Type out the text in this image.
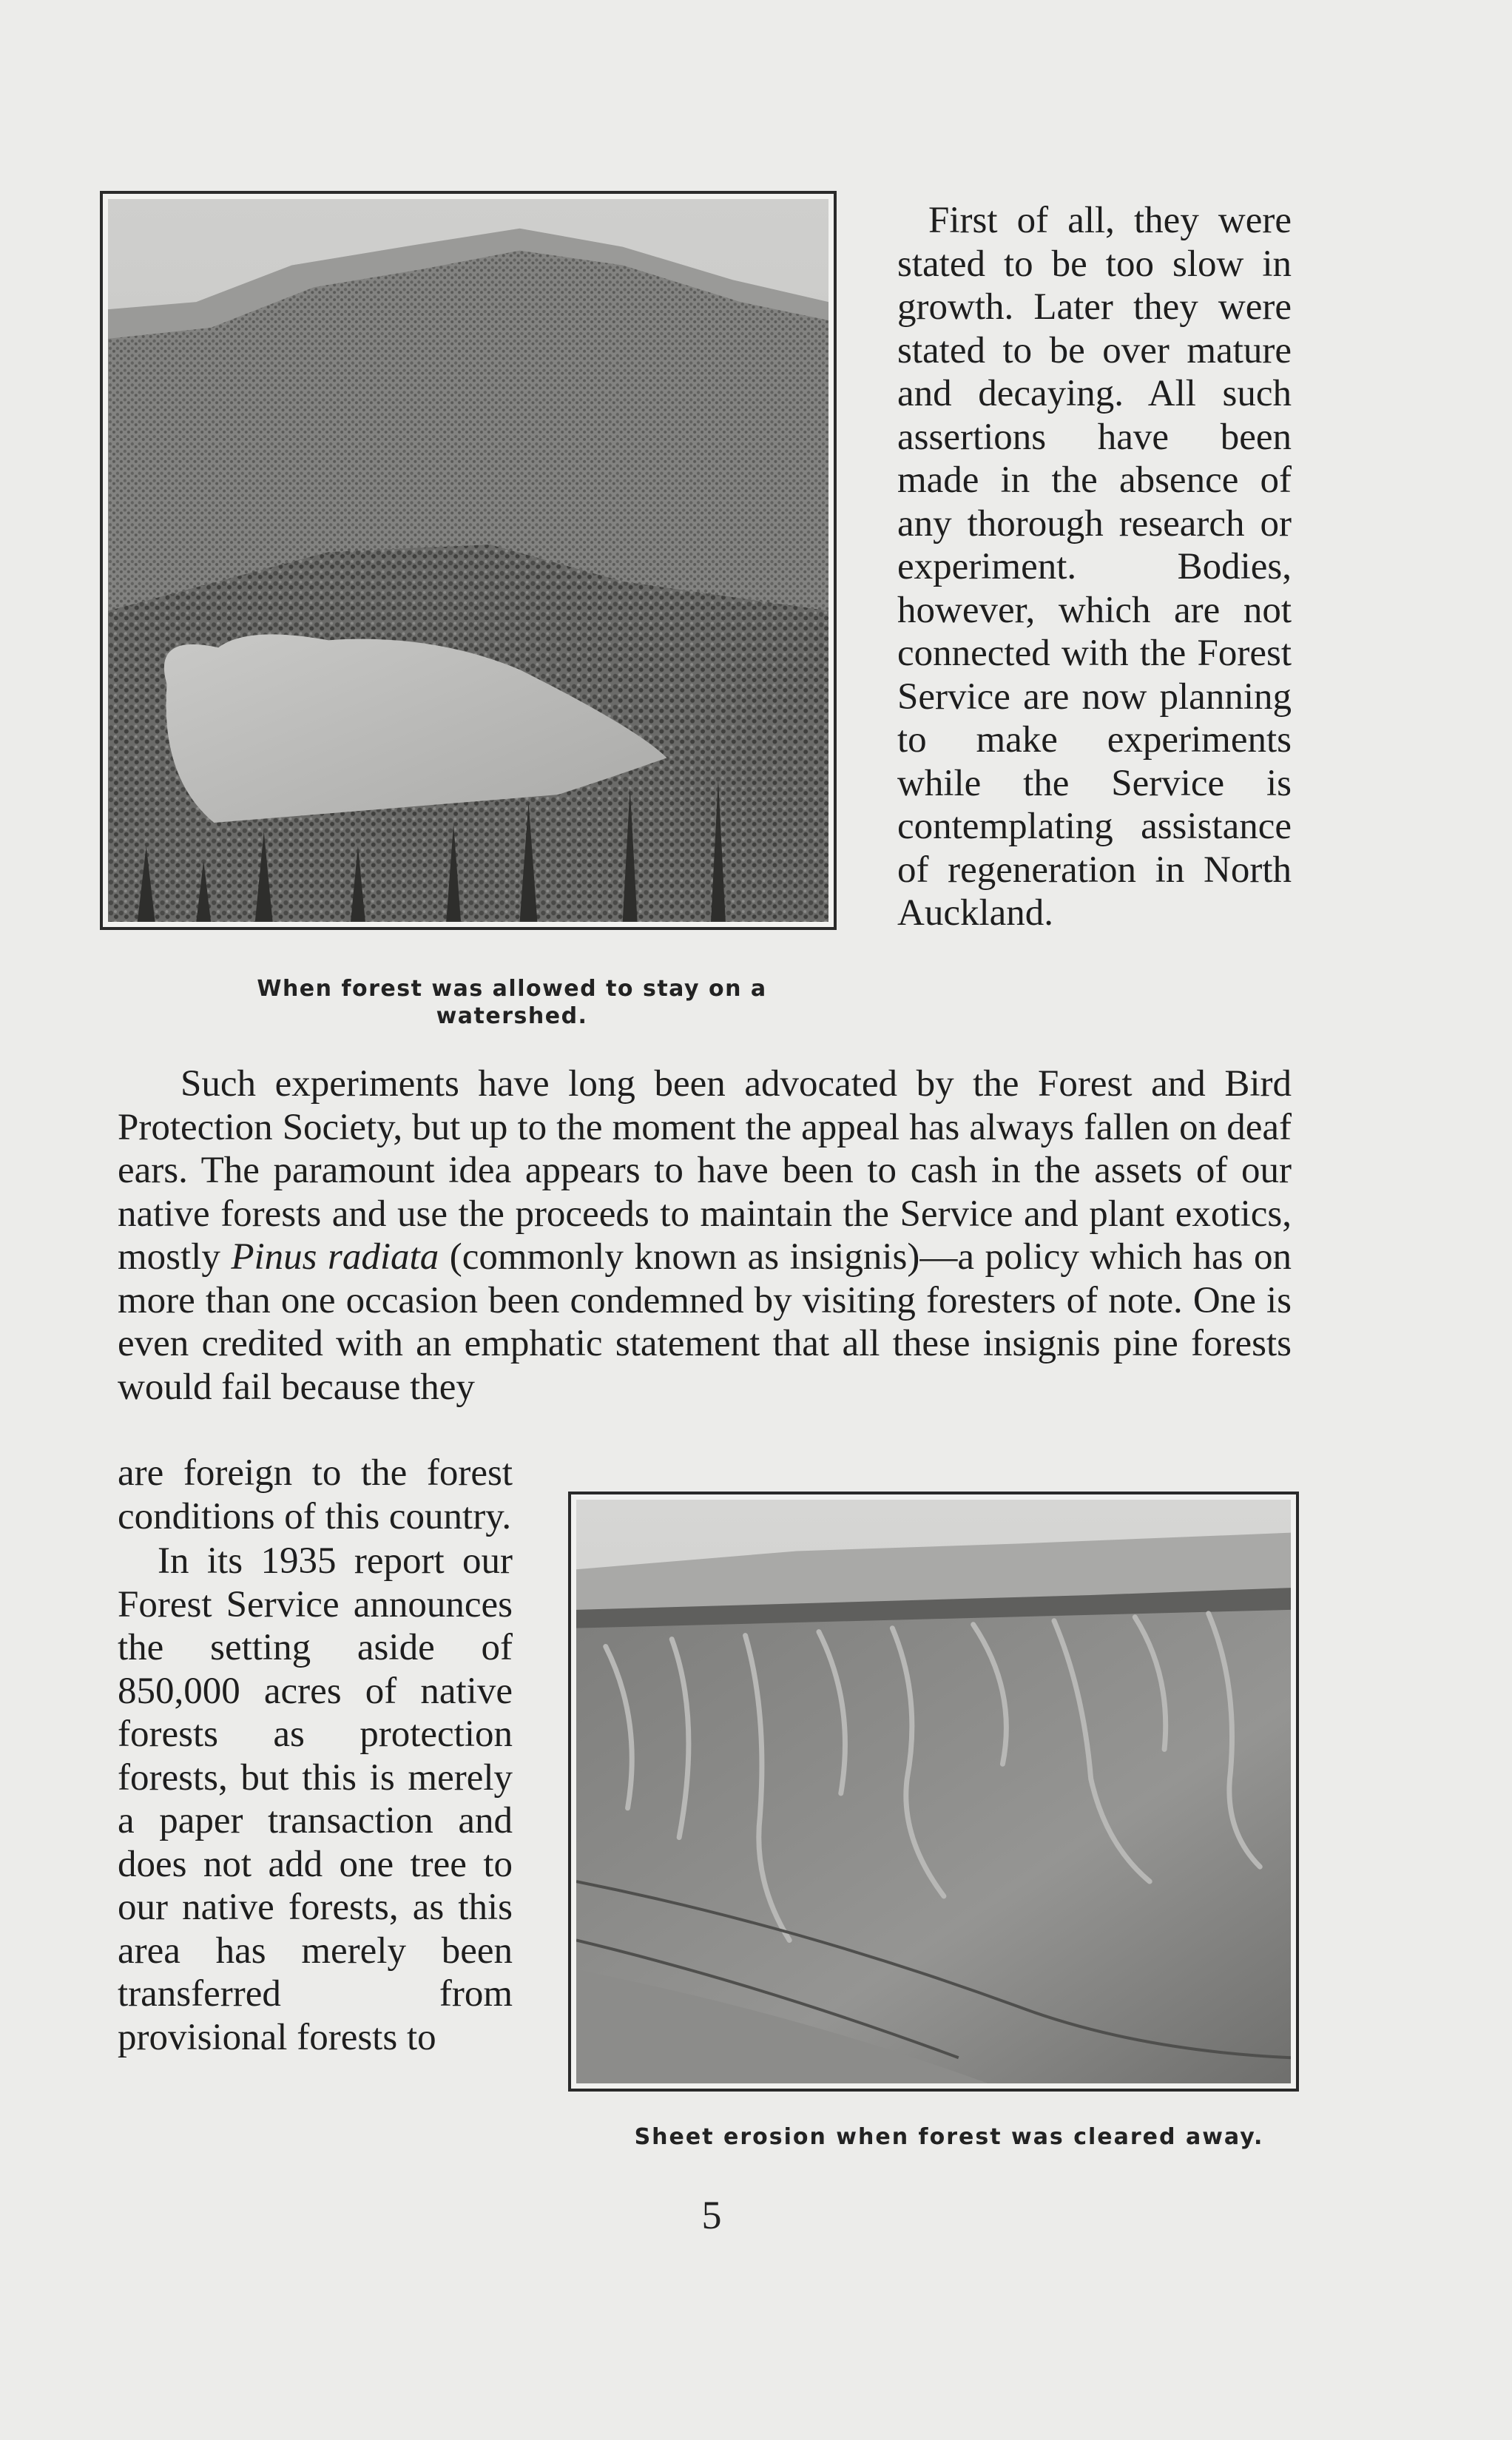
When forest was allowed to stay on a watershed.

First of all, they were stated to be too slow in growth. Later they were stated to be over mature and decaying. All such assertions have been made in the absence of any thorough research or experiment. Bodies, however, which are not connected with the Forest Service are now planning to make experiments while the Service is contemplating assistance of regeneration in North Auckland.

Such experiments have long been advocated by the Forest and Bird Protection Society, but up to the moment the appeal has always fallen on deaf ears. The paramount idea appears to have been to cash in the assets of our native forests and use the proceeds to maintain the Service and plant exotics, mostly Pinus radiata (commonly known as insignis)—a policy which has on more than one occasion been condemned by visiting foresters of note. One is even credited with an emphatic statement that all these insignis pine forests would fail because they

are foreign to the forest conditions of this country.

In its 1935 report our Forest Service announces the setting aside of 850,000 acres of native forests as protection forests, but this is merely a paper transaction and does not add one tree to our native forests, as this area has merely been transferred from provisional forests to

Sheet erosion when forest was cleared away.
5
